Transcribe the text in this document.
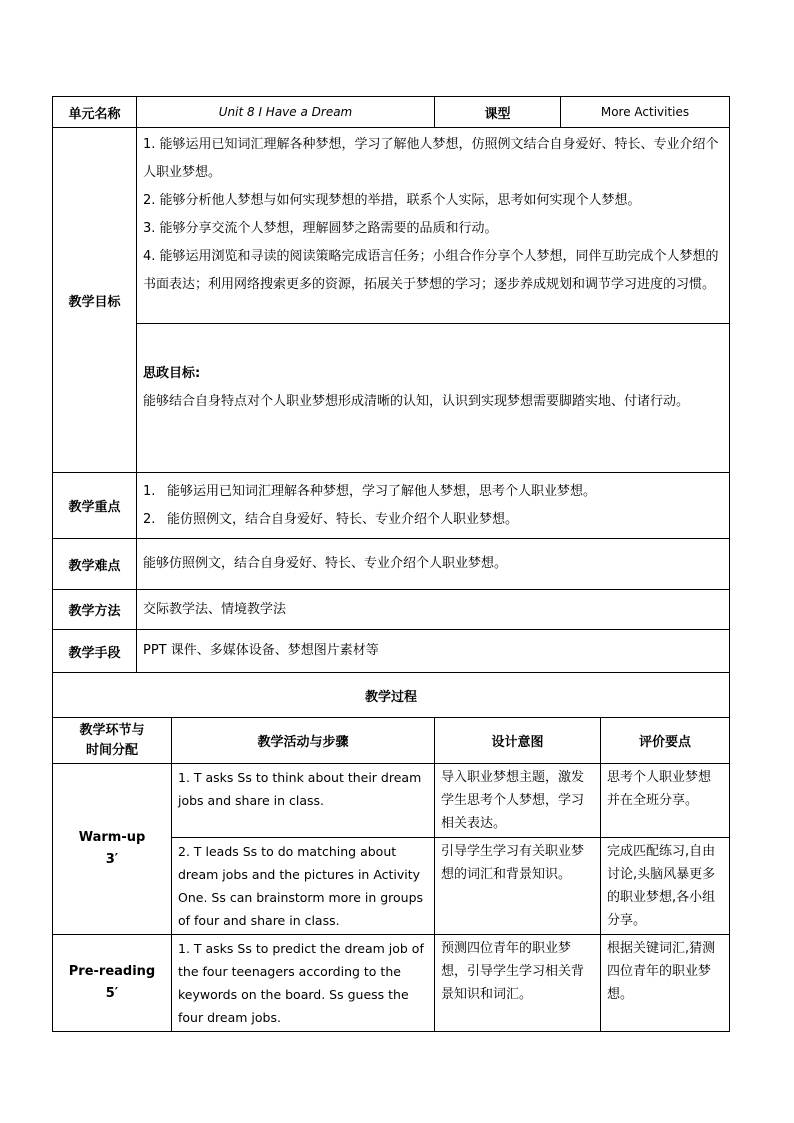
单元名称	Unit 8 I Have a Dream		课型	More Activities	
教学目标	1. 能够运用已知词汇理解各种梦想，学习了解他人梦想，仿照例文结合自身爱好、特长、专业介绍个人职业梦想。
2. 能够分析他人梦想与如何实现梦想的举措，联系个人实际，思考如何实现个人梦想。
3. 能够分享交流个人梦想，理解圆梦之路需要的品质和行动。
4. 能够运用浏览和寻读的阅读策略完成语言任务；小组合作分享个人梦想，同伴互助完成个人梦想的书面表达；利用网络搜索更多的资源，拓展关于梦想的学习；逐步养成规划和调节学习进度的习惯。				

	思政目标:
能够结合自身特点对个人职业梦想形成清晰的认知，认识到实现梦想需要脚踏实地、付诸行动。				

教学重点	1. 能够运用已知词汇理解各种梦想，学习了解他人梦想，思考个人职业梦想。
2. 能仿照例文，结合自身爱好、特长、专业介绍个人职业梦想。				

教学难点	能够仿照例文，结合自身爱好、特长、专业介绍个人职业梦想。				
教学方法	交际教学法、情境教学法				
教学手段	PPT 课件、多媒体设备、梦想图片素材等				
教学过程					

教学环节与
时间分配		教学活动与步骤	设计意图		评价要点

Warm-up
3′		1. T asks Ss to think about their dream jobs and share in class.	导入职业梦想主题，激发学生思考个人梦想，学习相关表达。		思考个人职业梦想并在全班分享。
		2. T leads Ss to do matching about dream jobs and the pictures in Activity One. Ss can brainstorm more in groups of four and share in class.	引导学生学习有关职业梦想的词汇和背景知识。		完成匹配练习,自由讨论,头脑风暴更多的职业梦想,各小组分享。

Pre-reading
5′		1. T asks Ss to predict the dream job of the four teenagers according to the keywords on the board. Ss guess the four dream jobs.	预测四位青年的职业梦想，引导学生学习相关背景知识和词汇。		根据关键词汇,猜测四位青年的职业梦想。
